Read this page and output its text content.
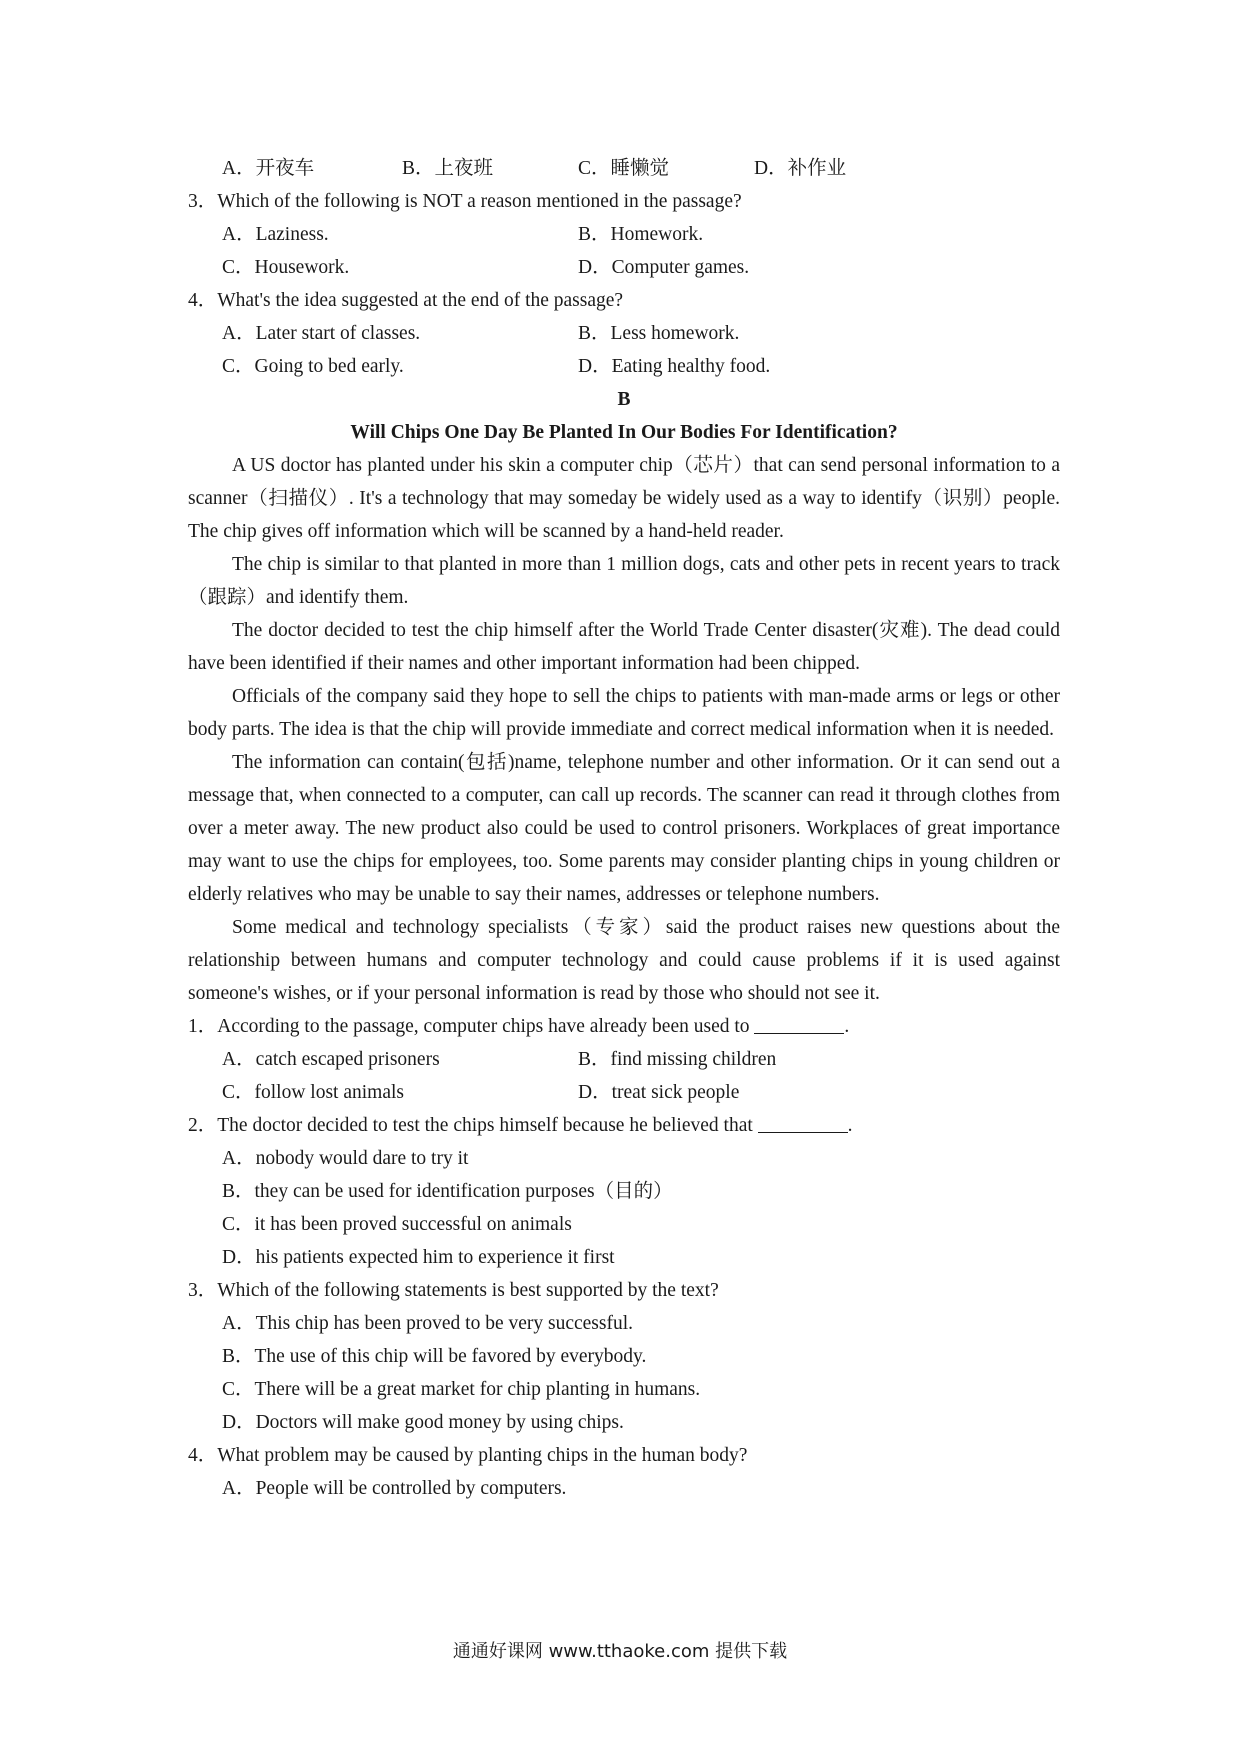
A．开夜车	B．上夜班	C．睡懒觉	D．补作业
3．Which of the following is NOT a reason mentioned in the passage?
A．Laziness.	B．Homework.
C．Housework.	D．Computer games.
4．What's the idea suggested at the end of the passage?
A．Later start of classes.	B．Less homework.
C．Going to bed early.	D．Eating healthy food.
B
Will Chips One Day Be Planted In Our Bodies For Identification?

A US doctor has planted under his skin a computer chip（芯片）that can send personal information to a scanner（扫描仪）. It's a technology that may someday be widely used as a way to identify（识别）people. The chip gives off information which will be scanned by a hand-held reader.

The chip is similar to that planted in more than 1 million dogs, cats and other pets in recent years to track（跟踪）and identify them.

The doctor decided to test the chip himself after the World Trade Center disaster(灾难). The dead could have been identified if their names and other important information had been chipped.

Officials of the company said they hope to sell the chips to patients with man-made arms or legs or other body parts. The idea is that the chip will provide immediate and correct medical information when it is needed.

The information can contain(包括)name, telephone number and other information. Or it can send out a message that, when connected to a computer, can call up records. The scanner can read it through clothes from over a meter away. The new product also could be used to control prisoners. Workplaces of great importance may want to use the chips for employees, too. Some parents may consider planting chips in young children or elderly relatives who may be unable to say their names, addresses or telephone numbers.

Some medical and technology specialists（专家）said the product raises new questions about the relationship between humans and computer technology and could cause problems if it is used against someone's wishes, or if your personal information is read by those who should not see it.

1．According to the passage, computer chips have already been used to	.
A．catch escaped prisoners	B．find missing children
C．follow lost animals	D．treat sick people
2．The doctor decided to test the chips himself because he believed that	.
A．nobody would dare to try it
B．they can be used for identification purposes（目的）
C．it has been proved successful on animals
D．his patients expected him to experience it first
3．Which of the following statements is best supported by the text?
A．This chip has been proved to be very successful.
B．The use of this chip will be favored by everybody.
C．There will be a great market for chip planting in humans.
D．Doctors will make good money by using chips.
4．What problem may be caused by planting chips in the human body?
A．People will be controlled by computers.
通通好课网 www.tthaoke.com 提供下载
